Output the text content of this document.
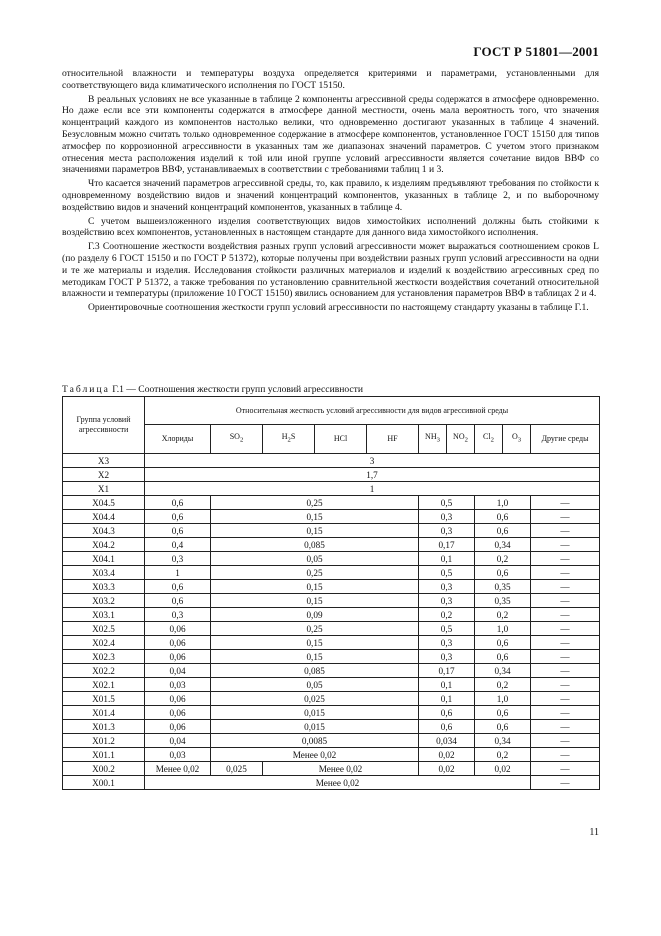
ГОСТ Р 51801—2001

относительной влажности и температуры воздуха определяется критериями и параметрами, установленными для соответствующего вида климатического исполнения по ГОСТ 15150.

В реальных условиях не все указанные в таблице 2 компоненты агрессивной среды содержатся в атмосфере одновременно. Но даже если все эти компоненты содержатся в атмосфере данной местности, очень мала вероятность того, что значения концентраций каждого из компонентов настолько велики, что одновременно достигают указанных в таблице 4 значений. Безусловным можно считать только одновременное содержание в атмосфере компонентов, установленное ГОСТ 15150 для типов атмосфер по коррозионной агрессивности в указанных там же диапазонах значений параметров. С учетом этого признаком отнесения места расположения изделий к той или иной группе условий агрессивности является сочетание видов ВВФ со значениями параметров ВВФ, устанавливаемых в соответствии с требованиями таблиц 1 и 3.

Что касается значений параметров агрессивной среды, то, как правило, к изделиям предъявляют требования по стойкости к одновременному воздействию видов и значений концентраций компонентов, указанных в таблице 2, и по выборочному воздействию видов и значений концентраций компонентов, указанных в таблице 4.

С учетом вышеизложенного изделия соответствующих видов химостойких исполнений должны быть стойкими к воздействию всех компонентов, установленных в настоящем стандарте для данного вида химостойкого исполнения.

Г.3 Соотношение жесткости воздействия разных групп условий агрессивности может выражаться соотношением сроков L (по разделу 6 ГОСТ 15150 и по ГОСТ Р 51372), которые получены при воздействии разных групп условий агрессивности на одни и те же материалы и изделия. Исследования стойкости различных материалов и изделий к воздействию агрессивных сред по методикам ГОСТ Р 51372, а также требования по установлению сравнительной жесткости воздействия сочетаний относительной влажности и температуры (приложение 10 ГОСТ 15150) явились основанием для установления параметров ВВФ в таблицах 2 и 4.

Ориентировочные соотношения жесткости групп условий агрессивности по настоящему стандарту указаны в таблице Г.1.

Таблица Г.1 — Соотношения жесткости групп условий агрессивности
Группа условий агрессивности	Относительная жесткость условий агрессивности для видов агрессивной среды									
	Хлориды	$SO_2$	$H_2S$	HCl	HF	$NH_3$	$NO_2$	$Cl_2$	$O_3$	Другие среды
Х3	3									
Х2	1,7									
Х1	1									
Х04.5	0,6	0,25				0,5		1,0		—
Х04.4	0,6	0,15				0,3		0,6		—
Х04.3	0,6	0,15				0,3		0,6		—
Х04.2	0,4	0,085				0,17		0,34		—
Х04.1	0,3	0,05				0,1		0,2		—
Х03.4	1	0,25				0,5		0,6		—
Х03.3	0,6	0,15				0,3		0,35		—
Х03.2	0,6	0,15				0,3		0,35		—
Х03.1	0,3	0,09				0,2		0,2		—
Х02.5	0,06	0,25				0,5		1,0		—
Х02.4	0,06	0,15				0,3		0,6		—
Х02.3	0,06	0,15				0,3		0,6		—
Х02.2	0,04	0,085				0,17		0,34		—
Х02.1	0,03	0,05				0,1		0,2		—
Х01.5	0,06	0,025				0,1		1,0		—
Х01.4	0,06	0,015				0,6		0,6		—
Х01.3	0,06	0,015				0,6		0,6		—
Х01.2	0,04	0,0085				0,034		0,34		—
Х01.1	0,03	Менее 0,02				0,02		0,2		—
Х00.2	Менее 0,02	0,025	Менее 0,02			0,02		0,02		—
Х00.1	Менее 0,02									—
11
